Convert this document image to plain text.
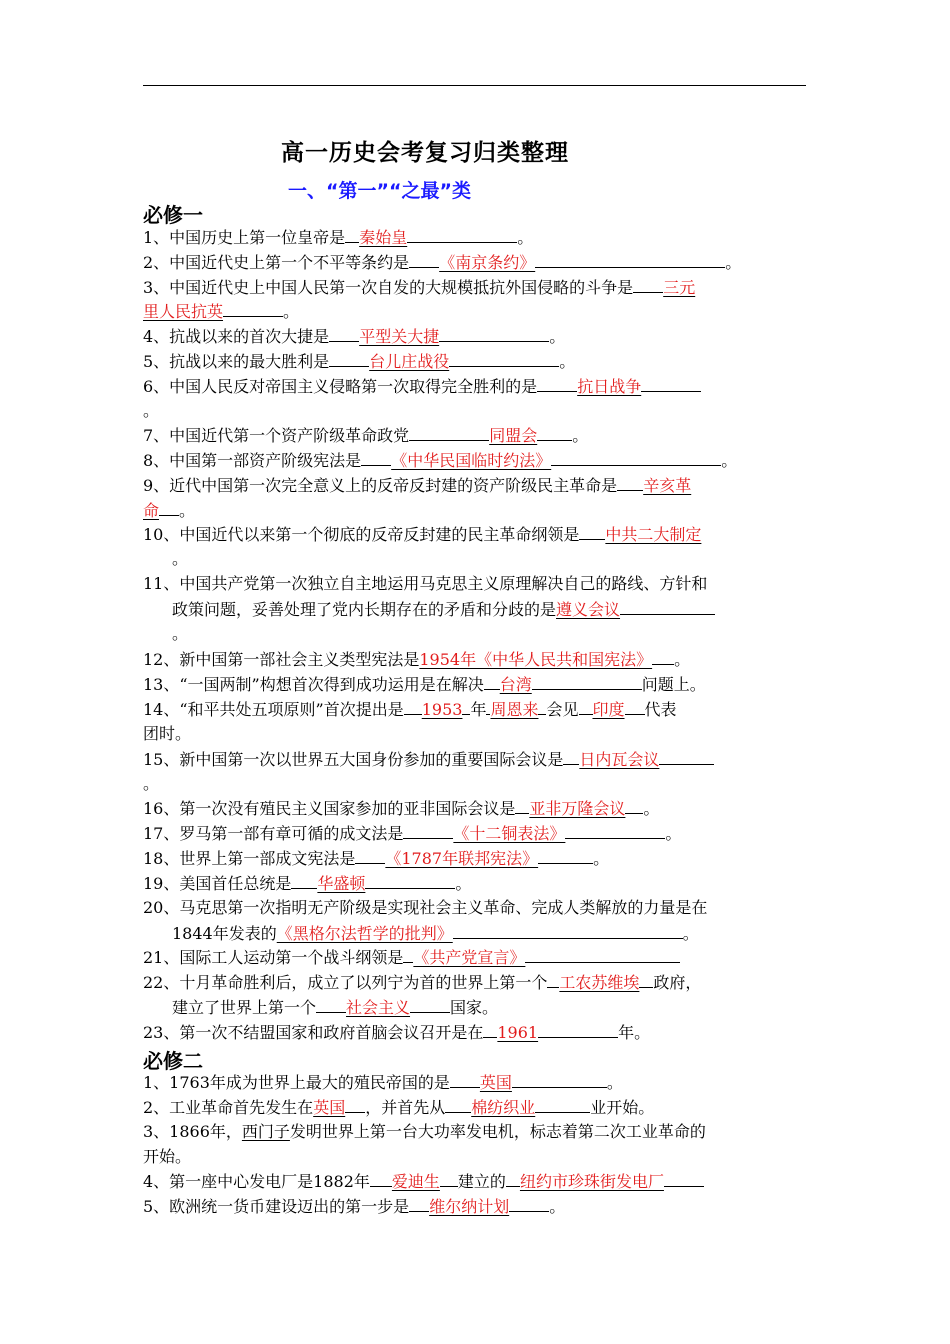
高一历史会考复习归类整理
一、“第一”“之最”类
必修一
1、中国历史上第一位皇帝是 秦始皇	。
2、中国近代史上第一个不平等条约是 《南京条约》	。
3、中国近代史上中国人民第一次自发的大规模抵抗外国侵略的斗争是 三元
里人民抗英	。
4、抗战以来的首次大捷是 平型关大捷	。
5、抗战以来的最大胜利是	台儿庄战役	。
6、中国人民反对帝国主义侵略第一次取得完全胜利的是	抗日战争
。
7、中国近代第一个资产阶级革命政党	同盟会 。
8、中国第一部资产阶级宪法是 《中华民国临时约法》	。
9、近代中国第一次完全意义上的反帝反封建的资产阶级民主革命是 辛亥革
命 。
10、中国近代以来第一个彻底的反帝反封建的民主革命纲领是 中共二大制定
。
11、中国共产党第一次独立自主地运用马克思主义原理解决自己的路线、方针和
政策问题，妥善处理了党内长期存在的矛盾和分歧的是遵义会议
。
12、新中国第一部社会主义类型宪法是1954年《中华人民共和国宪法》 。
13、“一国两制”构想首次得到成功运用是在解决 台湾	问题上。
14、“和平共处五项原则”首次提出是 1953 年 周恩来 会见 印度 代表
团时。
15、新中国第一次以世界五大国身份参加的重要国际会议是 日内瓦会议
。
16、第一次没有殖民主义国家参加的亚非国际会议是 亚非万隆会议 。
17、罗马第一部有章可循的成文法是	《十二铜表法》	。
18、世界上第一部成文宪法是 《1787年联邦宪法》	。
19、美国首任总统是 华盛顿	。
20、马克思第一次指明无产阶级是实现社会主义革命、完成人类解放的力量是在
1844年发表的《黑格尔法哲学的批判》	。
21、国际工人运动第一个战斗纲领是 《共产党宣言》
22、十月革命胜利后，成立了以列宁为首的世界上第一个 工农苏维埃 政府，
建立了世界上第一个 社会主义	国家。
23、第一次不结盟国家和政府首脑会议召开是在 1961	年。
必修二
1、1763年成为世界上最大的殖民帝国的是 英国	。
2、工业革命首先发生在英国 ，并首先从 棉纺织业	业开始。
3、1866年，西门子发明世界上第一台大功率发电机，标志着第二次工业革命的
开始。
4、第一座中心发电厂是1882年 爱迪生 建立的 纽约市珍珠街发电厂
5、欧洲统一货币建设迈出的第一步是 维尔纳计划	。
